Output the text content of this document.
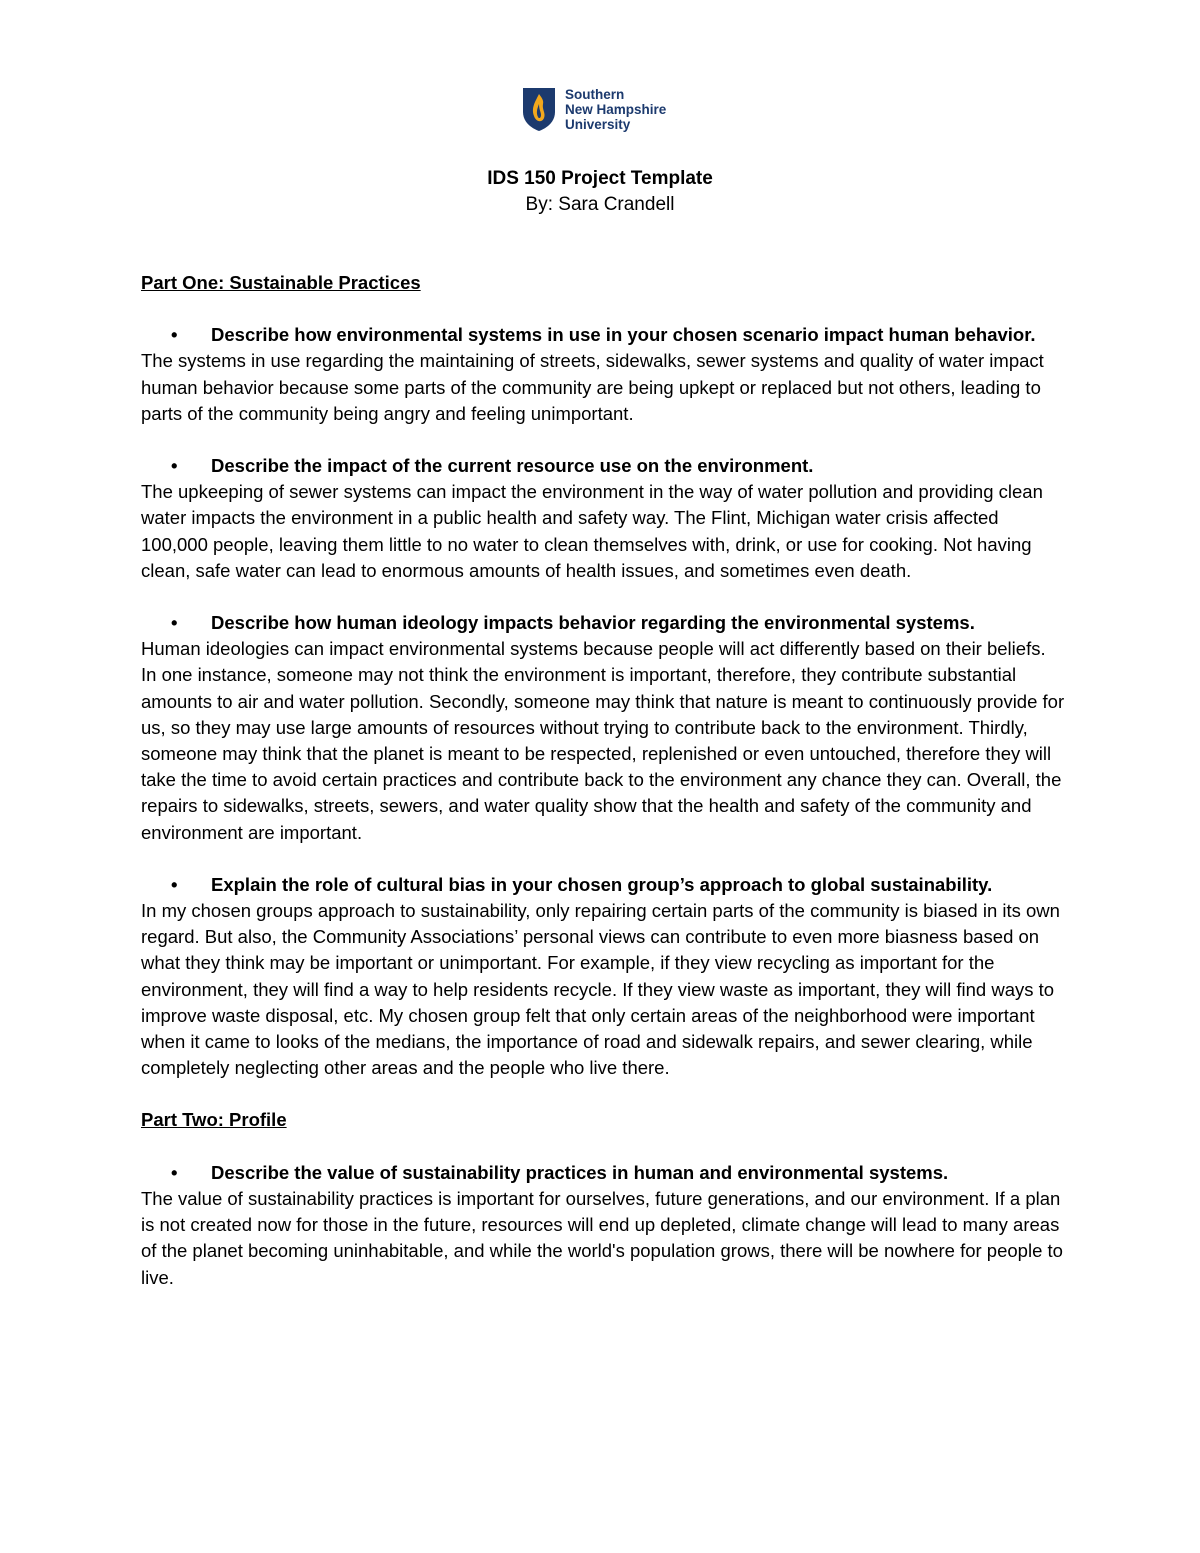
Southern
New Hampshire
University
IDS 150 Project Template
By: Sara Crandell

Part One: Sustainable Practices

•	Describe how environmental systems in use in your chosen scenario impact human behavior.

The systems in use regarding the maintaining of streets, sidewalks, sewer systems and quality of water impact human behavior because some parts of the community are being upkept or replaced but not others, leading to parts of the community being angry and feeling unimportant.

•	Describe the impact of the current resource use on the environment.

The upkeeping of sewer systems can impact the environment in the way of water pollution and providing clean water impacts the environment in a public health and safety way. The Flint, Michigan water crisis affected 100,000 people, leaving them little to no water to clean themselves with, drink, or use for cooking. Not having clean, safe water can lead to enormous amounts of health issues, and sometimes even death.

•	Describe how human ideology impacts behavior regarding the environmental systems.

Human ideologies can impact environmental systems because people will act differently based on their beliefs. In one instance, someone may not think the environment is important, therefore, they contribute substantial amounts to air and water pollution. Secondly, someone may think that nature is meant to continuously provide for us, so they may use large amounts of resources without trying to contribute back to the environment. Thirdly, someone may think that the planet is meant to be respected, replenished or even untouched, therefore they will take the time to avoid certain practices and contribute back to the environment any chance they can. Overall, the repairs to sidewalks, streets, sewers, and water quality show that the health and safety of the community and environment are important.

•	Explain the role of cultural bias in your chosen group’s approach to global sustainability.

In my chosen groups approach to sustainability, only repairing certain parts of the community is biased in its own regard. But also, the Community Associations’ personal views can contribute to even more biasness based on what they think may be important or unimportant. For example, if they view recycling as important for the environment, they will find a way to help residents recycle. If they view waste as important, they will find ways to improve waste disposal, etc. My chosen group felt that only certain areas of the neighborhood were important when it came to looks of the medians, the importance of road and sidewalk repairs, and sewer clearing, while completely neglecting other areas and the people who live there.

Part Two: Profile

•	Describe the value of sustainability practices in human and environmental systems.

The value of sustainability practices is important for ourselves, future generations, and our environment. If a plan is not created now for those in the future, resources will end up depleted, climate change will lead to many areas of the planet becoming uninhabitable, and while the world's population grows, there will be nowhere for people to live.
